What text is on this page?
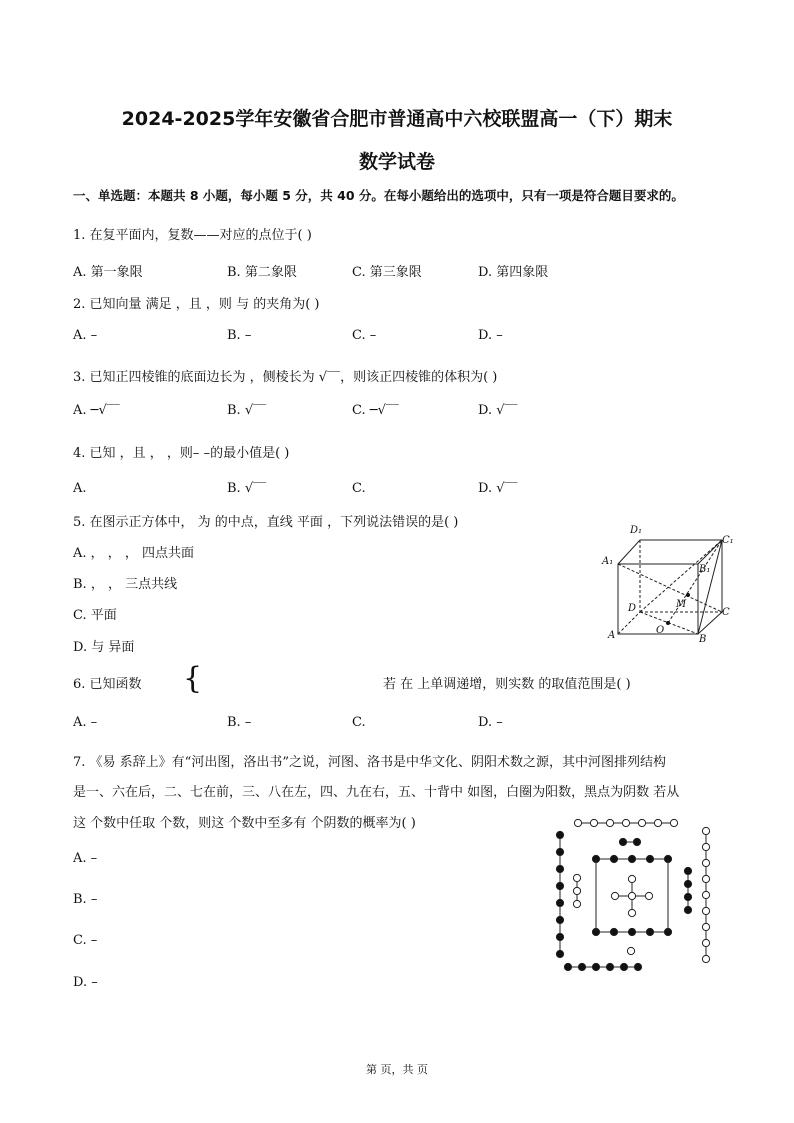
2024-2025学年安徽省合肥市普通高中六校联盟高一（下）期末
数学试卷
一、单选题：本题共 8 小题，每小题 5 分，共 40 分。在每小题给出的选项中，只有一项是符合题目要求的。
1. 在复平面内，复数——对应的点位于( )
A. 第一象限	B. 第二象限	C. 第三象限	D. 第四象限
2. 已知向量 满足 ，且 ，则 与 的夹角为( )
A. –	B. –	C. –	D. –
3. 已知正四棱锥的底面边长为 ，侧棱长为 √‾‾，则该正四棱锥的体积为( )
A. ─√‾‾	B. √‾‾	C. ─√‾‾	D. √‾‾
4. 已知 ，且 ， ，则– –的最小值是( )
A.	B. √‾‾	C.	D. √‾‾
5. 在图示正方体中， 为 的中点，直线 平面 ，下列说法错误的是( )
A. ， ， ， 四点共面
B. ， ， 三点共线
C. 平面
D. 与 异面
D₁
C₁
A₁
B₁
M
D	C
O
A	B
6. 已知函数 {	若 在 上单调递增，则实数 的取值范围是( )
A. –	B. –	C.	D. –
7. 《易 系辞上》有“河出图，洛出书”之说，河图、洛书是中华文化、阴阳术数之源，其中河图排列结构
是一、六在后，二、七在前，三、八在左，四、九在右，五、十背中 如图，白圈为阳数，黑点为阴数 若从
这 个数中任取 个数，则这 个数中至多有 个阴数的概率为( )
A. –
B. –
C. –
D. –
第 页，共 页
